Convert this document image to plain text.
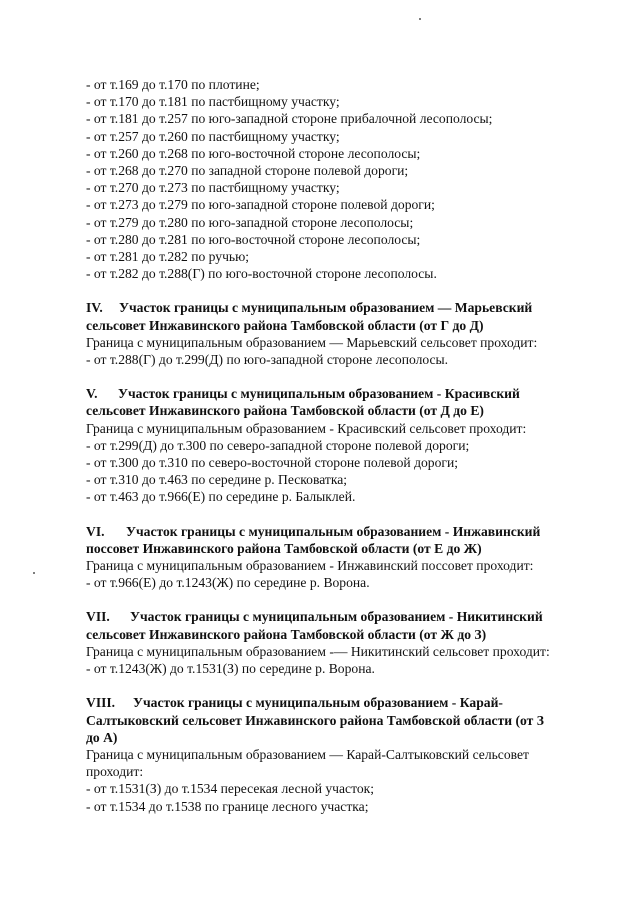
- от т.169 до т.170 по плотине;
- от т.170 до т.181 по пастбищному участку;
- от т.181 до т.257 по юго-западной стороне прибалочной лесополосы;
- от т.257 до т.260 по пастбищному участку;
- от т.260 до т.268 по юго-восточной стороне лесополосы;
- от т.268 до т.270 по западной стороне полевой дороги;
- от т.270 до т.273 по пастбищному участку;
- от т.273 до т.279 по юго-западной стороне полевой дороги;
- от т.279 до т.280 по юго-западной стороне лесополосы;
- от т.280 до т.281 по юго-восточной стороне лесополосы;
- от т.281 до т.282 по ручью;
- от т.282 до т.288(Г) по юго-восточной стороне лесополосы.
IV. Участок границы с муниципальным образованием — Марьевский
сельсовет Инжавинского района Тамбовской области (от Г до Д)
Граница с муниципальным образованием — Марьевский сельсовет проходит:
- от т.288(Г) до т.299(Д) по юго-западной стороне лесополосы.
V. Участок границы с муниципальным образованием - Красивский
сельсовет Инжавинского района Тамбовской области (от Д до Е)
Граница с муниципальным образованием - Красивский сельсовет проходит:
- от т.299(Д) до т.300 по северо-западной стороне полевой дороги;
- от т.300 до т.310 по северо-восточной стороне полевой дороги;
- от т.310 до т.463 по середине р. Песковатка;
- от т.463 до т.966(Е) по середине р. Балыклей.
VI. Участок границы с муниципальным образованием - Инжавинский
поссовет Инжавинского района Тамбовской области (от Е до Ж)
Граница с муниципальным образованием - Инжавинский поссовет проходит:
- от т.966(Е) до т.1243(Ж) по середине р. Ворона.
VII. Участок границы с муниципальным образованием - Никитинский
сельсовет Инжавинского района Тамбовской области (от Ж до З)
Граница с муниципальным образованием -— Никитинский сельсовет проходит:
- от т.1243(Ж) до т.1531(З) по середине р. Ворона.
VIII. Участок границы с муниципальным образованием - Карай-
Салтыковский сельсовет Инжавинского района Тамбовской области (от З
до А)
Граница с муниципальным образованием — Карай-Салтыковский сельсовет
проходит:
- от т.1531(З) до т.1534 пересекая лесной участок;
- от т.1534 до т.1538 по границе лесного участка;
